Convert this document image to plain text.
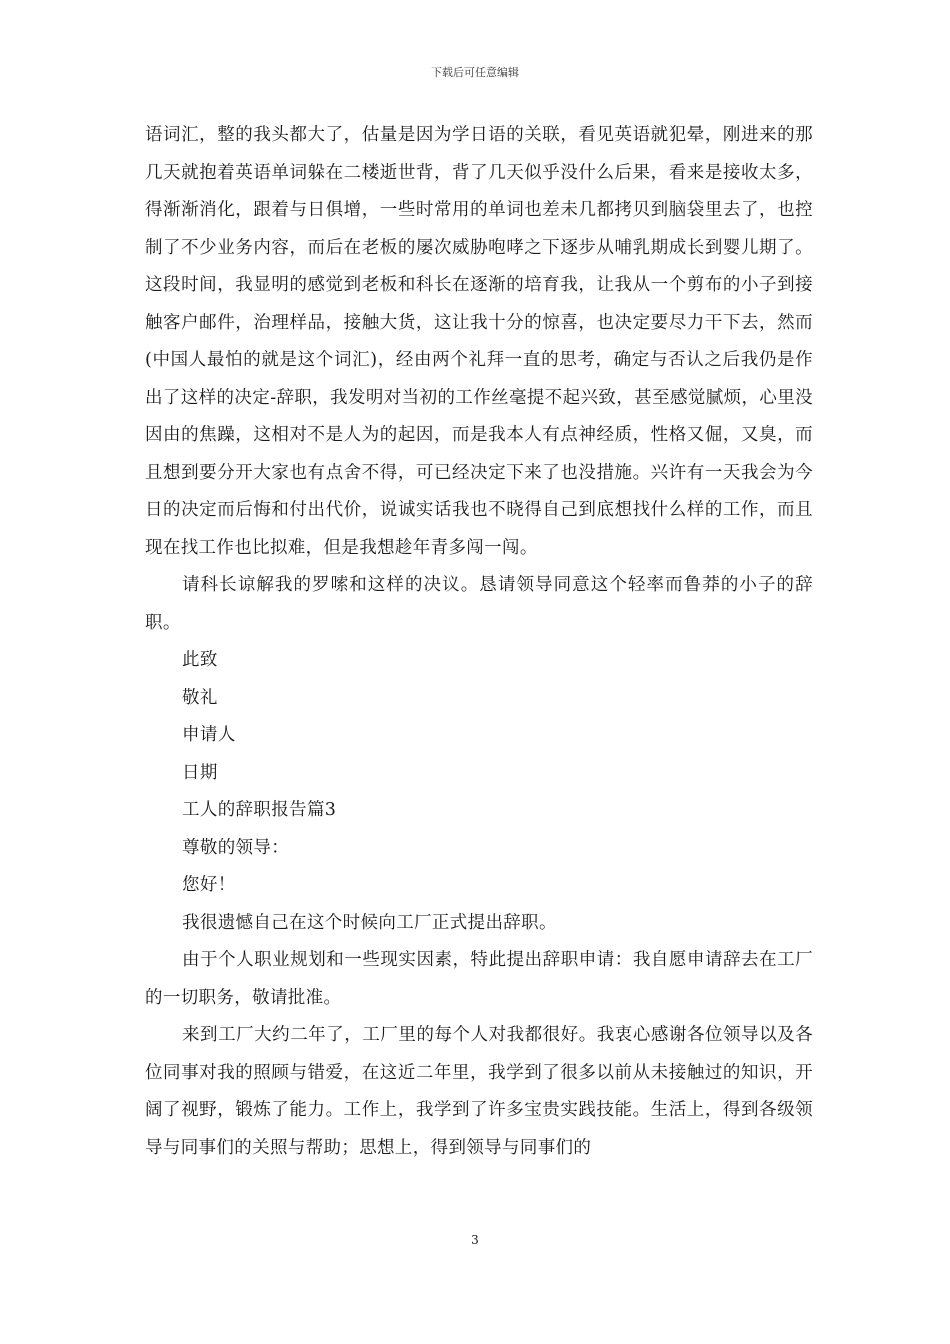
下载后可任意编辑

语词汇，整的我头都大了，估量是因为学日语的关联，看见英语就犯晕，刚进来的那几天就抱着英语单词躲在二楼逝世背，背了几天似乎没什么后果，看来是接收太多，得渐渐消化，跟着与日俱增，一些时常用的单词也差未几都拷贝到脑袋里去了，也控制了不少业务内容，而后在老板的屡次威胁咆哮之下逐步从哺乳期成长到婴儿期了。这段时间，我显明的感觉到老板和科长在逐渐的培育我，让我从一个剪布的小子到接触客户邮件，治理样品，接触大货，这让我十分的惊喜，也决定要尽力干下去，然而(中国人最怕的就是这个词汇)，经由两个礼拜一直的思考，确定与否认之后我仍是作出了这样的决定-辞职，我发明对当初的工作丝毫提不起兴致，甚至感觉腻烦，心里没因由的焦躁，这相对不是人为的起因，而是我本人有点神经质，性格又倔，又臭，而且想到要分开大家也有点舍不得，可已经决定下来了也没措施。兴许有一天我会为今日的决定而后悔和付出代价，说诚实话我也不晓得自己到底想找什么样的工作，而且现在找工作也比拟难，但是我想趁年青多闯一闯。

请科长谅解我的罗嗦和这样的决议。恳请领导同意这个轻率而鲁莽的小子的辞职。

此致

敬礼

申请人

日期

工人的辞职报告篇3

尊敬的领导：

您好！

我很遗憾自己在这个时候向工厂正式提出辞职。

由于个人职业规划和一些现实因素，特此提出辞职申请：我自愿申请辞去在工厂的一切职务，敬请批准。

来到工厂大约二年了，工厂里的每个人对我都很好。我衷心感谢各位领导以及各位同事对我的照顾与错爱，在这近二年里，我学到了很多以前从未接触过的知识，开阔了视野，锻炼了能力。工作上，我学到了许多宝贵实践技能。生活上，得到各级领导与同事们的关照与帮助；思想上，得到领导与同事们的

3
